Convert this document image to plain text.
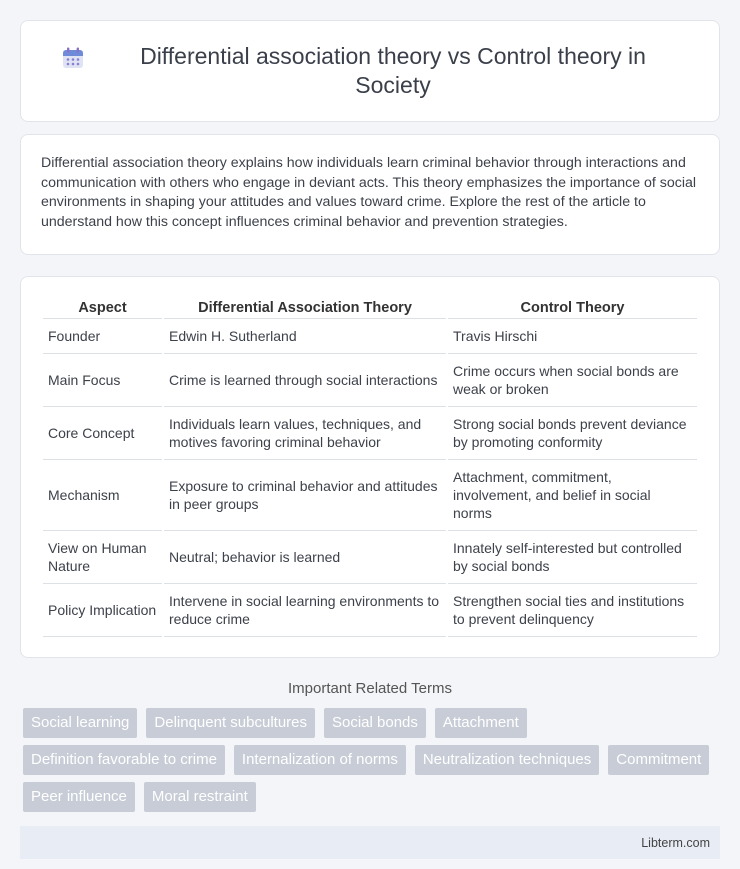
Differential association theory vs Control theory in Society

Differential association theory explains how individuals learn criminal behavior through interactions and communication with others who engage in deviant acts. This theory emphasizes the importance of social environments in shaping your attitudes and values toward crime. Explore the rest of the article to understand how this concept influences criminal behavior and prevention strategies.

Aspect	Differential Association Theory	Control Theory
Founder	Edwin H. Sutherland	Travis Hirschi
Main Focus	Crime is learned through social interactions	Crime occurs when social bonds are weak or broken
Core Concept	Individuals learn values, techniques, and motives favoring criminal behavior	Strong social bonds prevent deviance by promoting conformity
Mechanism	Exposure to criminal behavior and attitudes in peer groups	Attachment, commitment, involvement, and belief in social norms
View on Human Nature	Neutral; behavior is learned	Innately self-interested but controlled by social bonds
Policy Implication	Intervene in social learning environments to reduce crime	Strengthen social ties and institutions to prevent delinquency
Important Related Terms
Social learning	Delinquent subcultures	Social bonds	Attachment
Definition favorable to crime	Internalization of norms	Neutralization techniques	Commitment
Peer influence	Moral restraint
Libterm.com
